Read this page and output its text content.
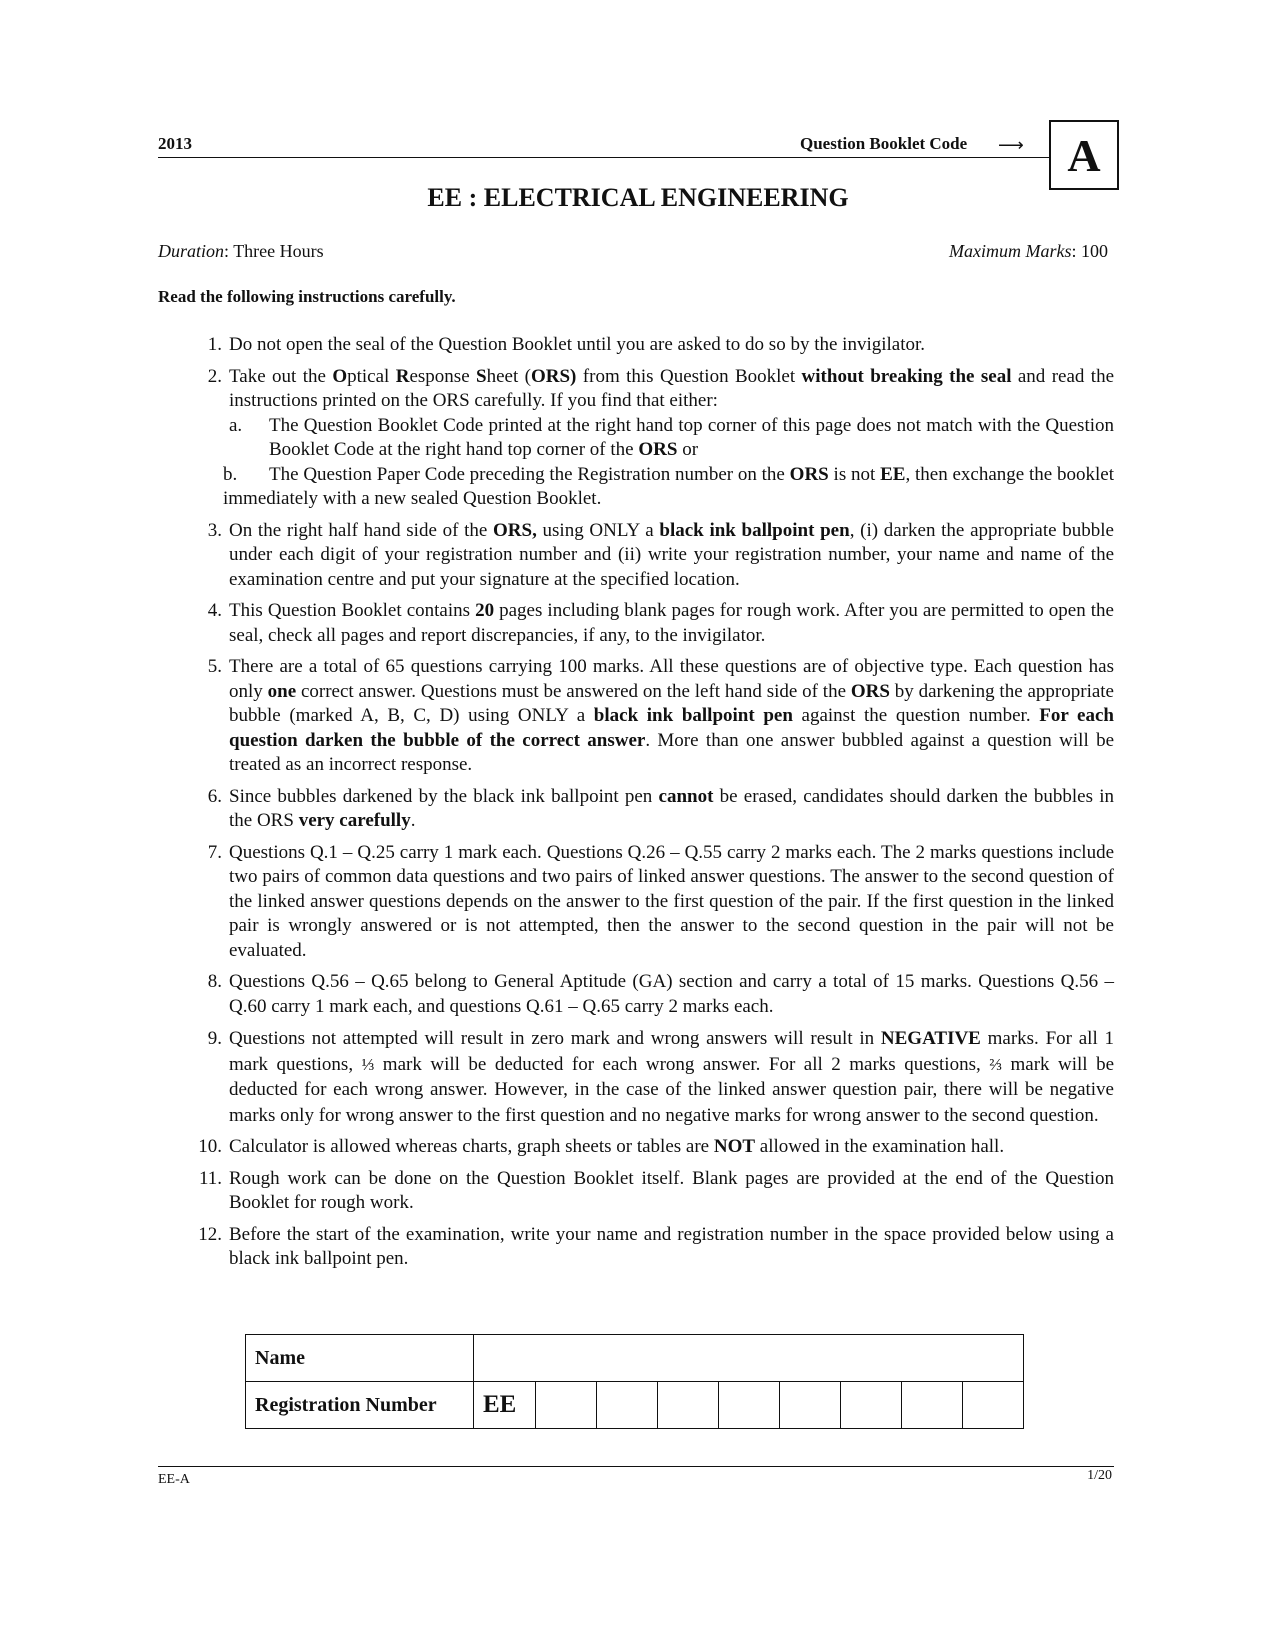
2013	Question Booklet Code ⟶ A
EE : ELECTRICAL ENGINEERING
Duration: Three Hours	Maximum Marks: 100
Read the following instructions carefully.
1. Do not open the seal of the Question Booklet until you are asked to do so by the invigilator.
2. Take out the Optical Response Sheet (ORS) from this Question Booklet without breaking the seal and read the instructions printed on the ORS carefully. If you find that either:
a. The Question Booklet Code printed at the right hand top corner of this page does not match with the Question Booklet Code at the right hand top corner of the ORS or
b. The Question Paper Code preceding the Registration number on the ORS is not EE, then exchange the booklet immediately with a new sealed Question Booklet.
3. On the right half hand side of the ORS, using ONLY a black ink ballpoint pen, (i) darken the appropriate bubble under each digit of your registration number and (ii) write your registration number, your name and name of the examination centre and put your signature at the specified location.
4. This Question Booklet contains 20 pages including blank pages for rough work. After you are permitted to open the seal, check all pages and report discrepancies, if any, to the invigilator.
5. There are a total of 65 questions carrying 100 marks. All these questions are of objective type. Each question has only one correct answer. Questions must be answered on the left hand side of the ORS by darkening the appropriate bubble (marked A, B, C, D) using ONLY a black ink ballpoint pen against the question number. For each question darken the bubble of the correct answer. More than one answer bubbled against a question will be treated as an incorrect response.
6. Since bubbles darkened by the black ink ballpoint pen cannot be erased, candidates should darken the bubbles in the ORS very carefully.
7. Questions Q.1 – Q.25 carry 1 mark each. Questions Q.26 – Q.55 carry 2 marks each. The 2 marks questions include two pairs of common data questions and two pairs of linked answer questions. The answer to the second question of the linked answer questions depends on the answer to the first question of the pair. If the first question in the linked pair is wrongly answered or is not attempted, then the answer to the second question in the pair will not be evaluated.
8. Questions Q.56 – Q.65 belong to General Aptitude (GA) section and carry a total of 15 marks. Questions Q.56 – Q.60 carry 1 mark each, and questions Q.61 – Q.65 carry 2 marks each.
9. Questions not attempted will result in zero mark and wrong answers will result in NEGATIVE marks. For all 1 mark questions, ⅓ mark will be deducted for each wrong answer. For all 2 marks questions, ⅔ mark will be deducted for each wrong answer. However, in the case of the linked answer question pair, there will be negative marks only for wrong answer to the first question and no negative marks for wrong answer to the second question.
10. Calculator is allowed whereas charts, graph sheets or tables are NOT allowed in the examination hall.
11. Rough work can be done on the Question Booklet itself. Blank pages are provided at the end of the Question Booklet for rough work.
12. Before the start of the examination, write your name and registration number in the space provided below using a black ink ballpoint pen.
Name									
Registration Number	EE								
EE-A	1/20
